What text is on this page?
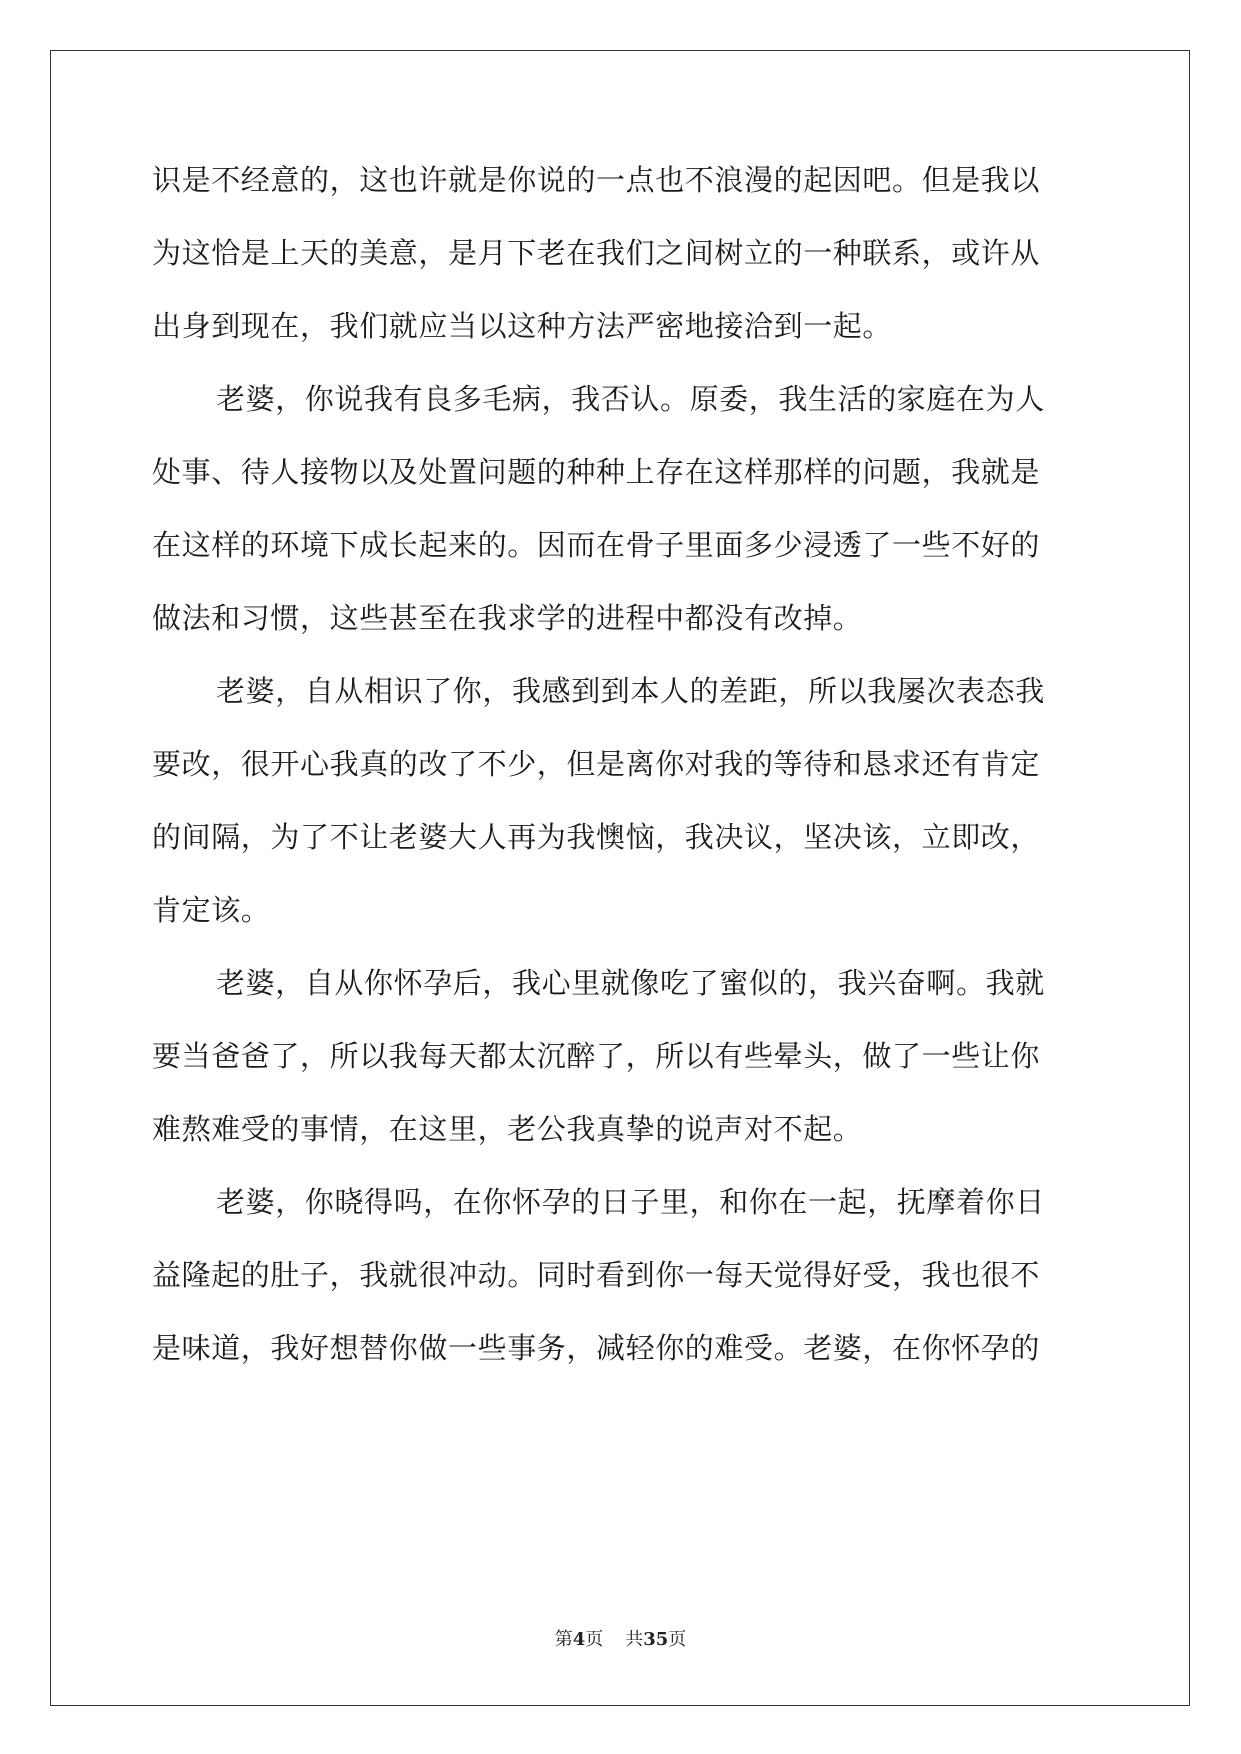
识是不经意的，这也许就是你说的一点也不浪漫的起因吧。但是我以
为这恰是上天的美意，是月下老在我们之间树立的一种联系，或许从
出身到现在，我们就应当以这种方法严密地接洽到一起。
老婆，你说我有良多毛病，我否认。原委，我生活的家庭在为人
处事、待人接物以及处置问题的种种上存在这样那样的问题，我就是
在这样的环境下成长起来的。因而在骨子里面多少浸透了一些不好的
做法和习惯，这些甚至在我求学的进程中都没有改掉。
老婆，自从相识了你，我感到到本人的差距，所以我屡次表态我
要改，很开心我真的改了不少，但是离你对我的等待和恳求还有肯定
的间隔，为了不让老婆大人再为我懊恼，我决议，坚决该，立即改，
肯定该。
老婆，自从你怀孕后，我心里就像吃了蜜似的，我兴奋啊。我就
要当爸爸了，所以我每天都太沉醉了，所以有些晕头，做了一些让你
难熬难受的事情，在这里，老公我真挚的说声对不起。
老婆，你晓得吗，在你怀孕的日子里，和你在一起，抚摩着你日
益隆起的肚子，我就很冲动。同时看到你一每天觉得好受，我也很不
是味道，我好想替你做一些事务，减轻你的难受。老婆，在你怀孕的
第4页 共35页
